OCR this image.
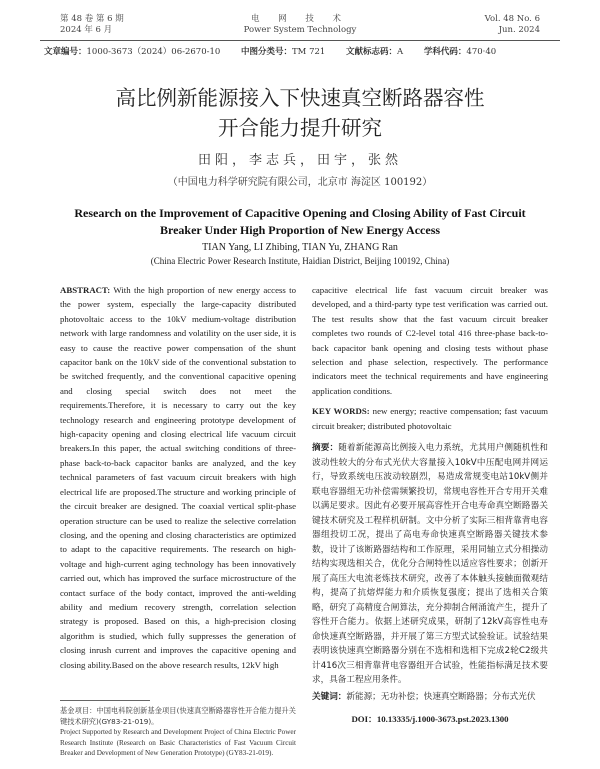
第 48 卷 第 6 期
2024 年 6 月
电 网 技 术
Power System Technology
Vol. 48 No. 6
Jun. 2024
文章编号：1000-3673（2024）06-2670-10 中图分类号：TM 721 文献标志码：A 学科代码：470·40
高比例新能源接入下快速真空断路器容性
开合能力提升研究
田阳，李志兵，田宇，张然
（中国电力科学研究院有限公司，北京市 海淀区 100192）
Research on the Improvement of Capacitive Opening and Closing Ability of Fast Circuit Breaker Under High Proportion of New Energy Access
TIAN Yang, LI Zhibing, TIAN Yu, ZHANG Ran
(China Electric Power Research Institute, Haidian District, Beijing 100192, China)
ABSTRACT: With the high proportion of new energy access to the power system, especially the large-capacity distributed photovoltaic access to the 10kV medium-voltage distribution network with large randomness and volatility on the user side, it is easy to cause the reactive power compensation of the shunt capacitor bank on the 10kV side of the conventional substation to be switched frequently, and the conventional capacitive opening and closing special switch does not meet the requirements.Therefore, it is necessary to carry out the key technology research and engineering prototype development of high-capacity opening and closing electrical life vacuum circuit breakers.In this paper, the actual switching conditions of three-phase back-to-back capacitor banks are analyzed, and the key technical parameters of fast vacuum circuit breakers with high electrical life are proposed.The structure and working principle of the circuit breaker are designed. The coaxial vertical split-phase operation structure can be used to realize the selective correlation closing, and the opening and closing characteristics are optimized to adapt to the capacitive requirements. The research on high-voltage and high-current aging technology has been innovatively carried out, which has improved the surface microstructure of the contact surface of the body contact, improved the anti-welding ability and medium recovery strength, correlation selection strategy is proposed. Based on this, a high-precision closing algorithm is studied, which fully suppresses the generation of closing inrush current and improves the capacitive opening and closing ability.Based on the above research results, 12kV high
capacitive electrical life fast vacuum circuit breaker was developed, and a third-party type test verification was carried out. The test results show that the fast vacuum circuit breaker completes two rounds of C2-level total 416 three-phase back-to-back capacitor bank opening and closing tests without phase selection and phase selection, respectively. The performance indicators meet the technical requirements and have engineering application conditions.
KEY WORDS: new energy; reactive compensation; fast vacuum circuit breaker; distributed photovoltaic
摘要：随着新能源高比例接入电力系统，尤其用户侧随机性和波动性较大的分布式光伏大容量接入10kV中压配电网并网运行，导致系统电压波动较剧烈，易造成常规变电站10kV侧并联电容器组无功补偿需频繁投切，常规电容性开合专用开关难以满足要求。因此有必要开展高容性开合电寿命真空断路器关键技术研究及工程样机研制。文中分析了实际三相背靠背电容器组投切工况，提出了高电寿命快速真空断路器关键技术参数，设计了该断路器结构和工作原理，采用同轴立式分相操动结构实现选相关合，优化分合闸特性以适应容性要求；创新开展了高压大电流老炼技术研究，改善了本体触头接触面微观结构，提高了抗熔焊能力和介质恢复强度；提出了选相关合策略，研究了高精度合闸算法，充分抑制合闸涌流产生，提升了容性开合能力。依据上述研究成果，研制了12kV高容性电寿命快速真空断路器，并开展了第三方型式试验验证。试验结果表明该快速真空断路器分别在不选相和选相下完成2轮C2级共计416次三相背靠背电容器组开合试验，性能指标满足技术要求，具备工程应用条件。
关键词：新能源；无功补偿；快速真空断路器；分布式光伏
DOI：10.13335/j.1000-3673.pst.2023.1300
基金项目：中国电科院创新基金项目(快速真空断路器容性开合能力提升关键技术研究)(GY83-21-019)。
Project Supported by Research and Development Project of China Electric Power Research Institute (Research on Basic Characteristics of Fast Vacuum Circuit Breaker and Development of New Generation Prototype) (GY83-21-019).
